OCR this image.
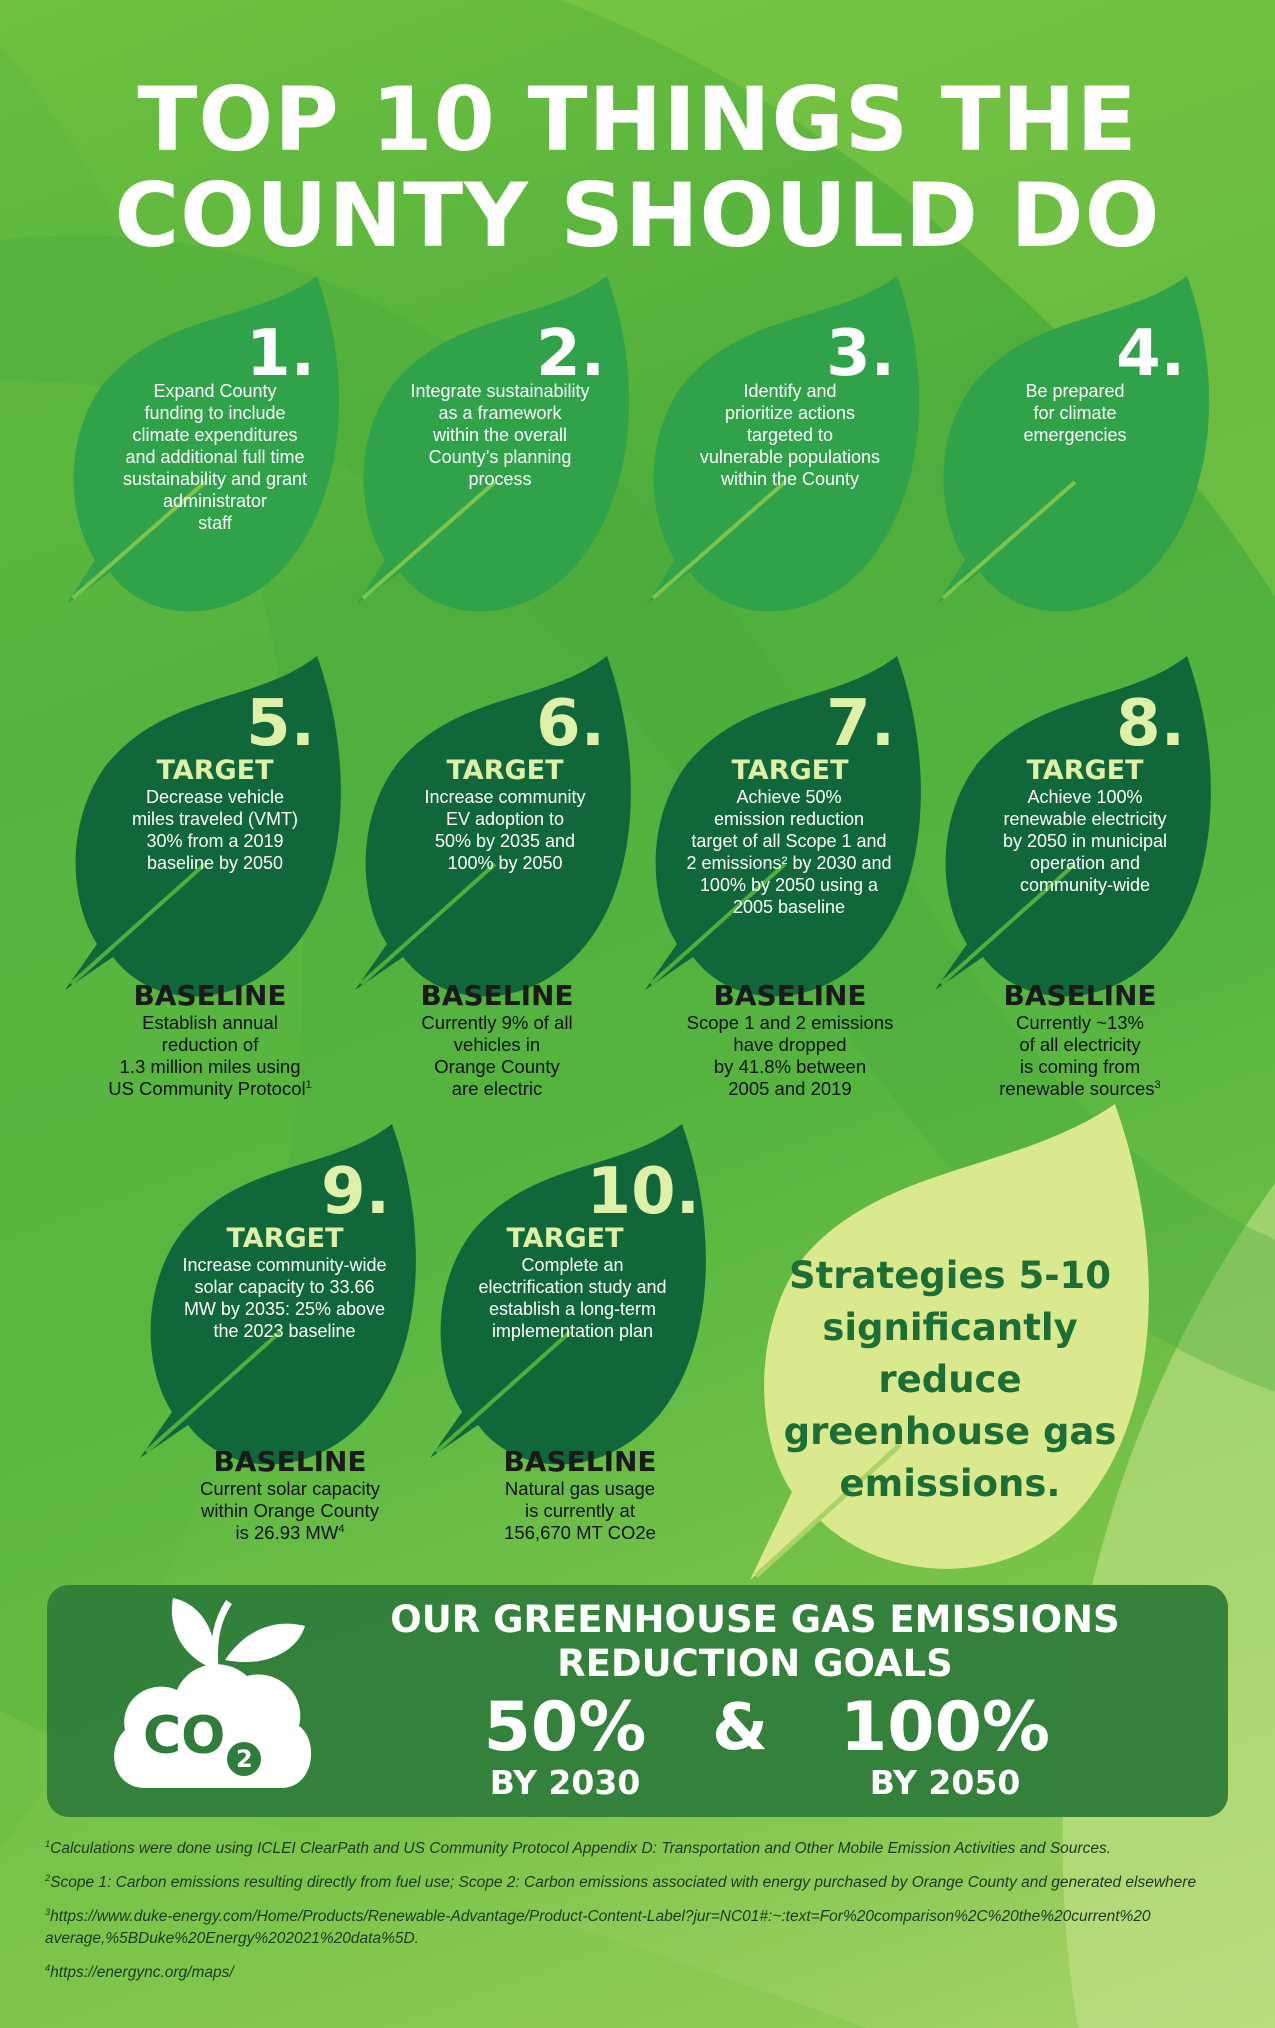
TOP 10 THINGS THE
COUNTY SHOULD DO
1.
Expand County
funding to include
climate expenditures
and additional full time
sustainability and grant
administrator
staff
2.
Integrate sustainability
as a framework
within the overall
County’s planning
process
3.
Identify and
prioritize actions
targeted to
vulnerable populations
within the County
4.
Be prepared
for climate
emergencies
5.
TARGET
Decrease vehicle
miles traveled (VMT)
30% from a 2019
baseline by 2050
BASELINE
Establish annual
reduction of
1.3 million miles using
US Community Protocol$^1$
6.
TARGET
Increase community
EV adoption to
50% by 2035 and
100% by 2050
BASELINE
Currently 9% of all
vehicles in
Orange County
are electric
7.
TARGET
Achieve 50%
emission reduction
target of all Scope 1 and
2 emissions² by 2030 and
100% by 2050 using a
2005 baseline
BASELINE
Scope 1 and 2 emissions
have dropped
by 41.8% between
2005 and 2019
8.
TARGET
Achieve 100%
renewable electricity
by 2050 in municipal
operation and
community-wide
BASELINE
Currently ~13%
of all electricity
is coming from
renewable sources$^3$
9.
TARGET
Increase community-wide
solar capacity to 33.66
MW by 2035: 25% above
the 2023 baseline
BASELINE
Current solar capacity
within Orange County
is 26.93 $MW^4$
10.
TARGET
Complete an
electrification study and
establish a long-term
implementation plan
BASELINE
Natural gas usage
is currently at
156,670 MT CO2e
Strategies 5-10
significantly
reduce
greenhouse gas
emissions.
CO 2
OUR GREENHOUSE GAS EMISSIONS
REDUCTION GOALS
50%
BY 2030
&	100%
BY 2050
$^1$Calculations were done using ICLEI ClearPath and US Community Protocol Appendix D: Transportation and Other Mobile Emission Activities and Sources.
$^2$Scope 1: Carbon emissions resulting directly from fuel use; Scope 2: Carbon emissions associated with energy purchased by Orange County and generated elsewhere
$^3$https://www.duke-energy.com/Home/Products/Renewable-Advantage/Product-Content-Label?jur=NC01#:~:text=For%20comparison%2C%20the%20current%20
average,%5BDuke%20Energy%202021%20data%5D.
$^4$https://energync.org/maps/
